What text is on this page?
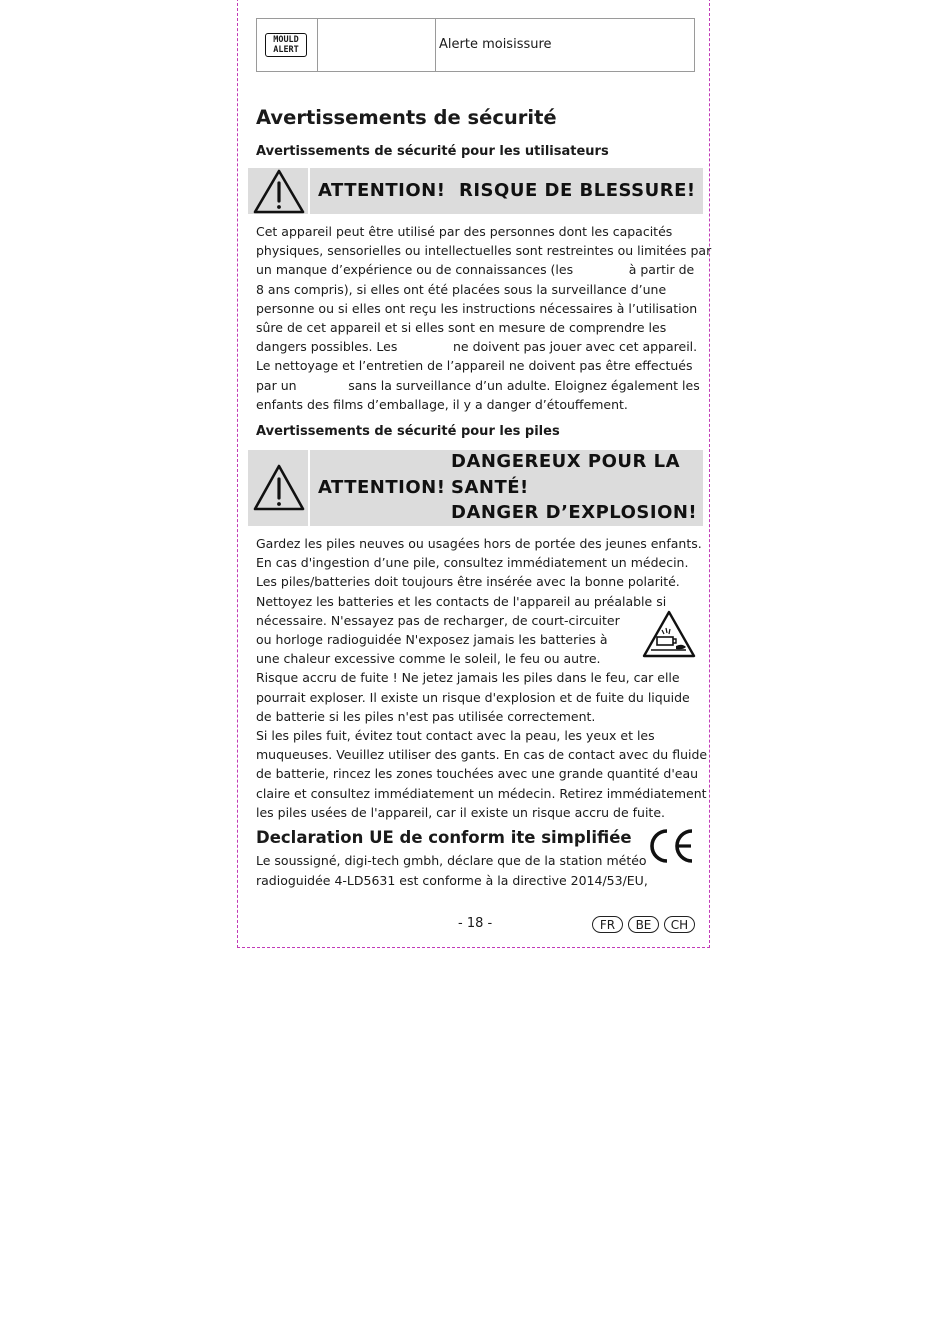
MOULD
ALERT	Alerte moisissure
Avertissements de sécurité
Avertissements de sécurité pour les utilisateurs
ATTENTION! RISQUE DE BLESSURE!

Cet appareil peut être utilisé par des personnes dont les capacités

physiques, sensorielles ou intellectuelles sont restreintes ou limitées par

un manque d’expérience ou de connaissances (les              à partir de

8 ans compris), si elles ont été placées sous la surveillance d’une

personne ou si elles ont reçu les instructions nécessaires à l’utilisation

sûre de cet appareil et si elles sont en mesure de comprendre les

dangers possibles. Les              ne doivent pas jouer avec cet appareil.

Le nettoyage et l’entretien de l’appareil ne doivent pas être effectués

par un             sans la surveillance d’un adulte. Eloignez également les

enfants des films d’emballage, il y a danger d’étouffement.

Avertissements de sécurité pour les piles
ATTENTION!
DANGEREUX POUR LA
SANTÉ!
DANGER D’EXPLOSION!

Gardez les piles neuves ou usagées hors de portée des jeunes enfants.

En cas d'ingestion d’une pile, consultez immédiatement un médecin.

Les piles/batteries doit toujours être insérée avec la bonne polarité.

Nettoyez les batteries et les contacts de l'appareil au préalable si

nécessaire. N'essayez pas de recharger, de court-circuiter

ou horloge radioguidée N'exposez jamais les batteries à

une chaleur excessive comme le soleil, le feu ou autre.

Risque accru de fuite ! Ne jetez jamais les piles dans le feu, car elle

pourrait exploser. Il existe un risque d'explosion et de fuite du liquide

de batterie si les piles n'est pas utilisée correctement.

Si les piles fuit, évitez tout contact avec la peau, les yeux et les

muqueuses. Veuillez utiliser des gants. En cas de contact avec du fluide

de batterie, rincez les zones touchées avec une grande quantité d'eau

claire et consultez immédiatement un médecin. Retirez immédiatement

les piles usées de l'appareil, car il existe un risque accru de fuite.

Declaration UE de conform ite simplifiée

Le soussigné, digi-tech gmbh, déclare que de la station météo

radioguidée 4-LD5631 est conforme à la directive 2014/53/EU,

- 18 -	FR	BE	CH
